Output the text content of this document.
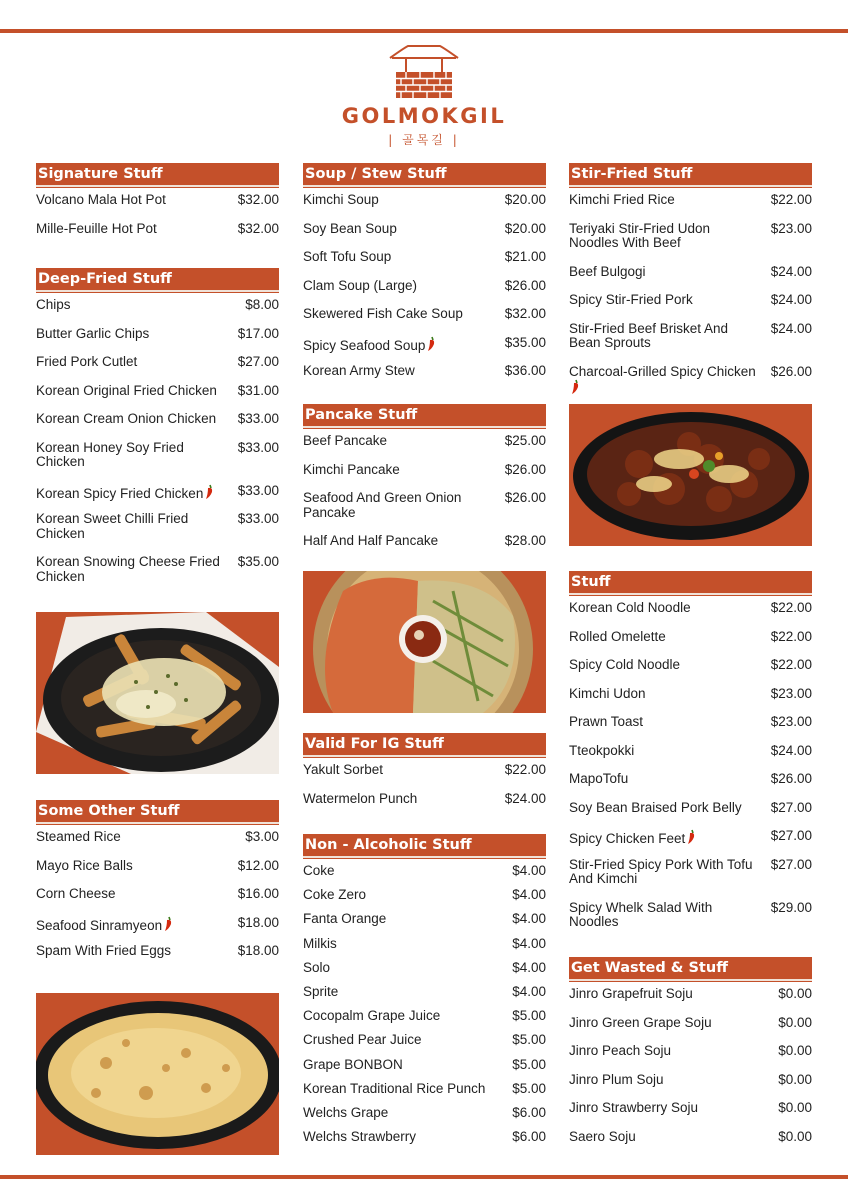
GOLMOKGIL
| 골목길 |
Signature Stuff
Volcano Mala Hot Pot	$32.00
Mille-Feuille Hot Pot	$32.00
Deep-Fried Stuff
Chips	$8.00
Butter Garlic Chips	$17.00
Fried Pork Cutlet	$27.00
Korean Original Fried Chicken $31.00
Korean Cream Onion Chicken $33.00
Korean Honey Soy Fried Chicken
$33.00
Korean Spicy Fried Chicken	$33.00
Korean Sweet Chilli Fried Chicken
$33.00
Korean Snowing Cheese Fried Chicken
$35.00
Some Other Stuff
Steamed Rice	$3.00
Mayo Rice Balls	$12.00
Corn Cheese	$16.00
Seafood Sinramyeon	$18.00
Spam With Fried Eggs	$18.00
Soup / Stew Stuff
Kimchi Soup	$20.00
Soy Bean Soup	$20.00
Soft Tofu Soup	$21.00
Clam Soup (Large)	$26.00
Skewered Fish Cake Soup	$32.00
Spicy Seafood Soup	$35.00
Korean Army Stew	$36.00
Pancake Stuff
Beef Pancake	$25.00
Kimchi Pancake	$26.00
Seafood And Green Onion Pancake
$26.00
Half And Half Pancake	$28.00
Valid For IG Stuff
Yakult Sorbet	$22.00
Watermelon Punch	$24.00
Non - Alcoholic Stuff
Coke	$4.00
Coke Zero	$4.00
Fanta Orange	$4.00
Milkis	$4.00
Solo	$4.00
Sprite	$4.00
Cocopalm Grape Juice	$5.00
Crushed Pear Juice	$5.00
Grape BONBON	$5.00
Korean Traditional Rice Punch $5.00
Welchs Grape	$6.00
Welchs Strawberry	$6.00
Stir-Fried Stuff
Kimchi Fried Rice	$22.00
Teriyaki Stir-Fried Udon Noodles With Beef
$23.00
Beef Bulgogi	$24.00
Spicy Stir-Fried Pork	$24.00
Stir-Fried Beef Brisket And Bean Sprouts
$24.00
Charcoal-Grilled Spicy Chicken $26.00
Stuff
Korean Cold Noodle	$22.00
Rolled Omelette	$22.00
Spicy Cold Noodle	$22.00
Kimchi Udon	$23.00
Prawn Toast	$23.00
Tteokpokki	$24.00
MapoTofu	$26.00
Soy Bean Braised Pork Belly $27.00
Spicy Chicken Feet	$27.00
Stir-Fried Spicy Pork With Tofu And Kimchi
$27.00
Spicy Whelk Salad With Noodles
$29.00
Get Wasted & Stuff
Jinro Grapefruit Soju	$0.00
Jinro Green Grape Soju	$0.00
Jinro Peach Soju	$0.00
Jinro Plum Soju	$0.00
Jinro Strawberry Soju	$0.00
Saero Soju	$0.00
